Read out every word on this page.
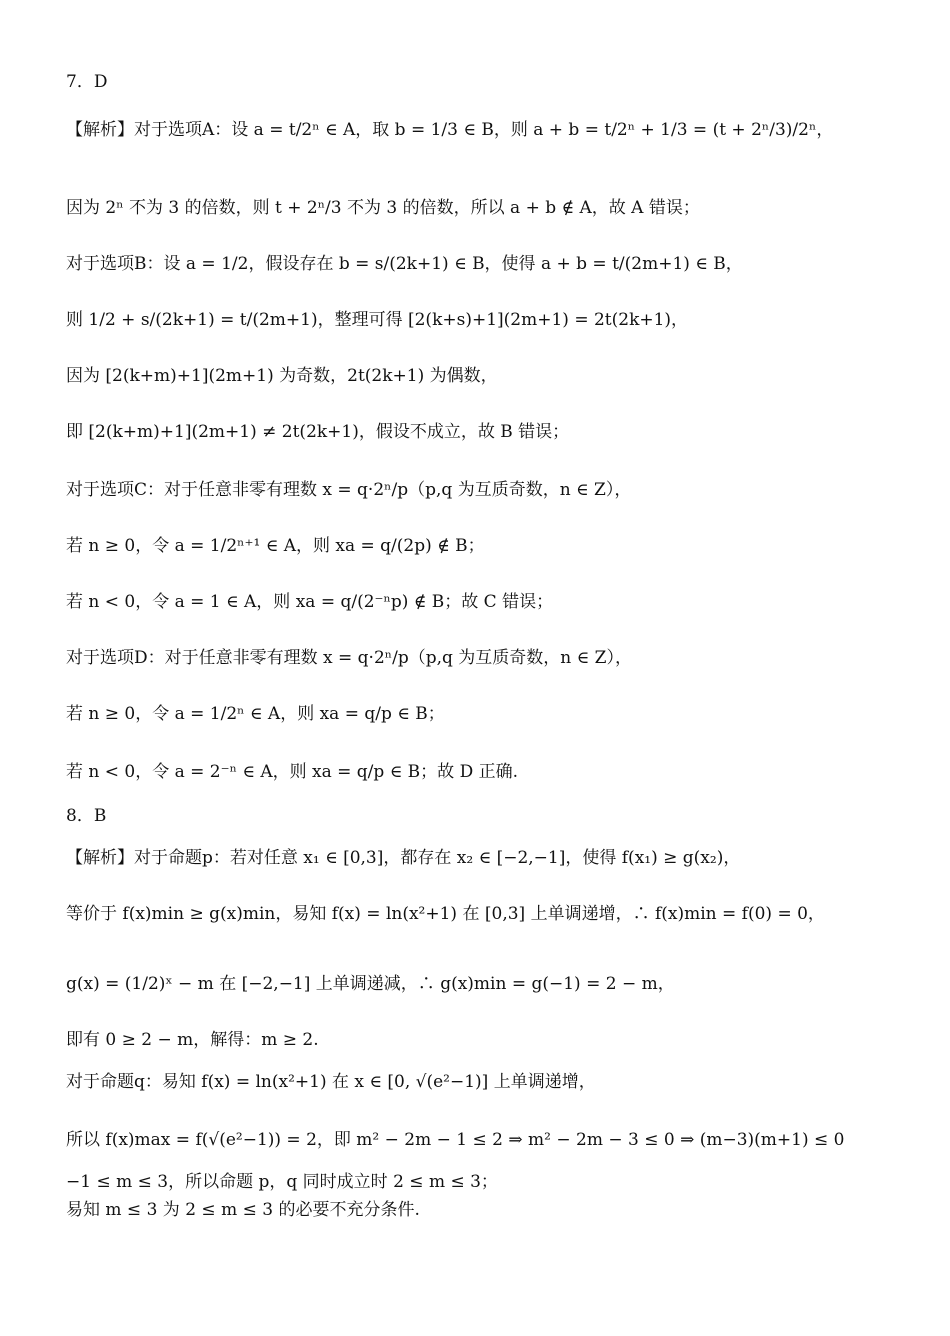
7．D
【解析】对于选项A：设 a = t/2ⁿ ∈ A，取 b = 1/3 ∈ B，则 a + b = t/2ⁿ + 1/3 = (t + 2ⁿ/3)/2ⁿ，
因为 2ⁿ 不为 3 的倍数，则 t + 2ⁿ/3 不为 3 的倍数，所以 a + b ∉ A，故 A 错误；
对于选项B：设 a = 1/2，假设存在 b = s/(2k+1) ∈ B，使得 a + b = t/(2m+1) ∈ B，
则 1/2 + s/(2k+1) = t/(2m+1)，整理可得 [2(k+s)+1](2m+1) = 2t(2k+1)，
因为 [2(k+m)+1](2m+1) 为奇数，2t(2k+1) 为偶数，
即 [2(k+m)+1](2m+1) ≠ 2t(2k+1)，假设不成立，故 B 错误；
对于选项C：对于任意非零有理数 x = q·2ⁿ/p（p,q 为互质奇数，n ∈ Z），
若 n ≥ 0，令 a = 1/2ⁿ⁺¹ ∈ A，则 xa = q/(2p) ∉ B；
若 n < 0，令 a = 1 ∈ A，则 xa = q/(2⁻ⁿp) ∉ B；故 C 错误；
对于选项D：对于任意非零有理数 x = q·2ⁿ/p（p,q 为互质奇数，n ∈ Z），
若 n ≥ 0，令 a = 1/2ⁿ ∈ A，则 xa = q/p ∈ B；
若 n < 0，令 a = 2⁻ⁿ ∈ A，则 xa = q/p ∈ B；故 D 正确.
8．B
【解析】对于命题p：若对任意 x₁ ∈ [0,3]，都存在 x₂ ∈ [−2,−1]，使得 f(x₁) ≥ g(x₂)，
等价于 f(x)min ≥ g(x)min，易知 f(x) = ln(x²+1) 在 [0,3] 上单调递增，∴ f(x)min = f(0) = 0，
g(x) = (1/2)ˣ − m 在 [−2,−1] 上单调递减，∴ g(x)min = g(−1) = 2 − m，
即有 0 ≥ 2 − m，解得：m ≥ 2.
对于命题q：易知 f(x) = ln(x²+1) 在 x ∈ [0, √(e²−1)] 上单调递增，
所以 f(x)max = f(√(e²−1)) = 2，即 m² − 2m − 1 ≤ 2 ⇒ m² − 2m − 3 ≤ 0 ⇒ (m−3)(m+1) ≤ 0
−1 ≤ m ≤ 3，所以命题 p，q 同时成立时 2 ≤ m ≤ 3；
易知 m ≤ 3 为 2 ≤ m ≤ 3 的必要不充分条件.
